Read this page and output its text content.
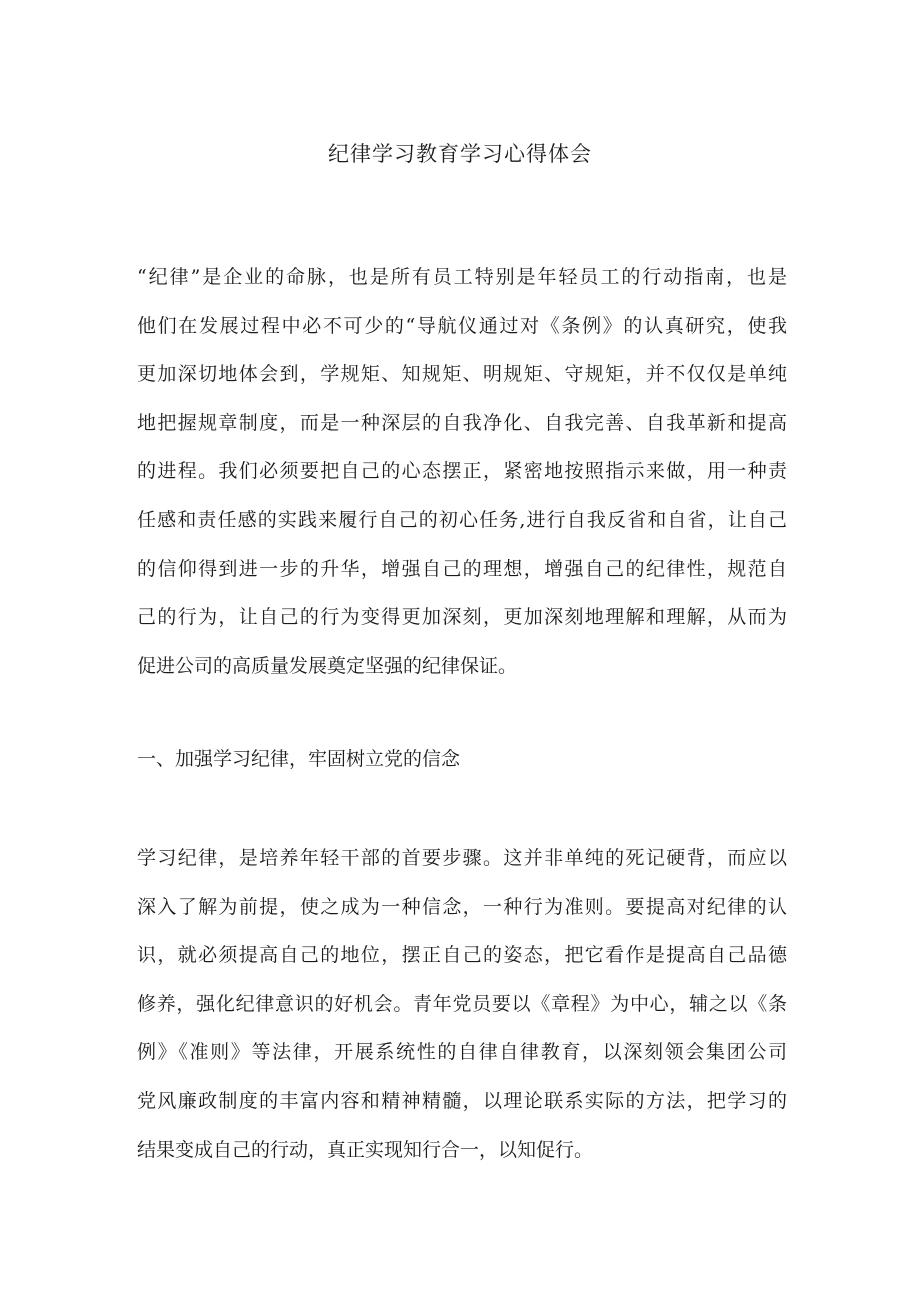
纪律学习教育学习心得体会
“纪律”是企业的命脉，也是所有员工特别是年轻员工的行动指南，也是
他们在发展过程中必不可少的“导航仪通过对《条例》的认真研究，使我
更加深切地体会到，学规矩、知规矩、明规矩、守规矩，并不仅仅是单纯
地把握规章制度，而是一种深层的自我净化、自我完善、自我革新和提高
的进程。我们必须要把自己的心态摆正，紧密地按照指示来做，用一种责
任感和责任感的实践来履行自己的初心任务,进行自我反省和自省，让自己
的信仰得到进一步的升华，增强自己的理想，增强自己的纪律性，规范自
己的行为，让自己的行为变得更加深刻，更加深刻地理解和理解，从而为
促进公司的高质量发展奠定坚强的纪律保证。
一、加强学习纪律，牢固树立党的信念
学习纪律，是培养年轻干部的首要步骤。这并非单纯的死记硬背，而应以
深入了解为前提，使之成为一种信念，一种行为准则。要提高对纪律的认
识，就必须提高自己的地位，摆正自己的姿态，把它看作是提高自己品德
修养，强化纪律意识的好机会。青年党员要以《章程》为中心，辅之以《条
例》《准则》等法律，开展系统性的自律自律教育，以深刻领会集团公司
党风廉政制度的丰富内容和精神精髓，以理论联系实际的方法，把学习的
结果变成自己的行动，真正实现知行合一，以知促行。
